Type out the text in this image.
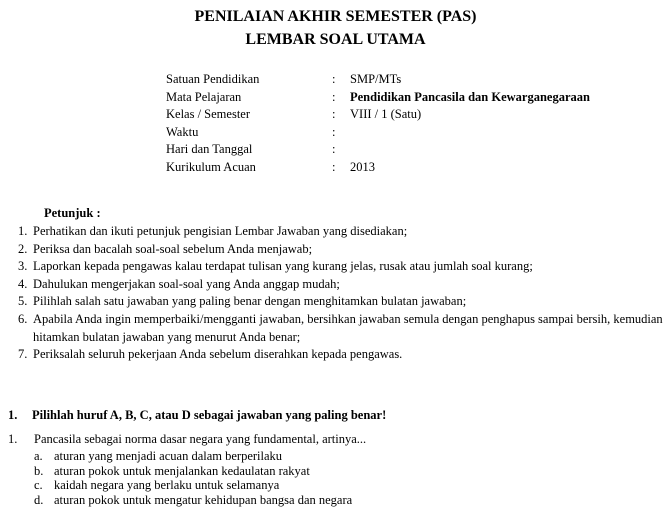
PENILAIAN AKHIR SEMESTER (PAS)
LEMBAR SOAL UTAMA
Satuan Pendidikan	:	SMP/MTs
Mata Pelajaran	:	Pendidikan Pancasila dan Kewarganegaraan
Kelas / Semester	:	VIII / 1 (Satu)
Waktu	:
Hari dan Tanggal	:
Kurikulum Acuan	:	2013
Petunjuk :
1. Perhatikan dan ikuti petunjuk pengisian Lembar Jawaban yang disediakan;
2. Periksa dan bacalah soal-soal sebelum Anda menjawab;
3. Laporkan kepada pengawas kalau terdapat tulisan yang kurang jelas, rusak atau jumlah soal kurang;
4. Dahulukan mengerjakan soal-soal yang Anda anggap mudah;
5. Pilihlah salah satu jawaban yang paling benar dengan menghitamkan bulatan jawaban;
6. Apabila Anda ingin memperbaiki/mengganti jawaban, bersihkan jawaban semula dengan penghapus sampai bersih, kemudian hitamkan bulatan jawaban yang menurut Anda benar;
7. Periksalah seluruh pekerjaan Anda sebelum diserahkan kepada pengawas.
1.	Pilihlah huruf A, B, C, atau D sebagai jawaban yang paling benar!
1.	Pancasila sebagai norma dasar negara yang fundamental, artinya...
a. aturan yang menjadi acuan dalam berperilaku
b. aturan pokok untuk menjalankan kedaulatan rakyat
c. kaidah negara yang berlaku untuk selamanya
d. aturan pokok untuk mengatur kehidupan bangsa dan negara
